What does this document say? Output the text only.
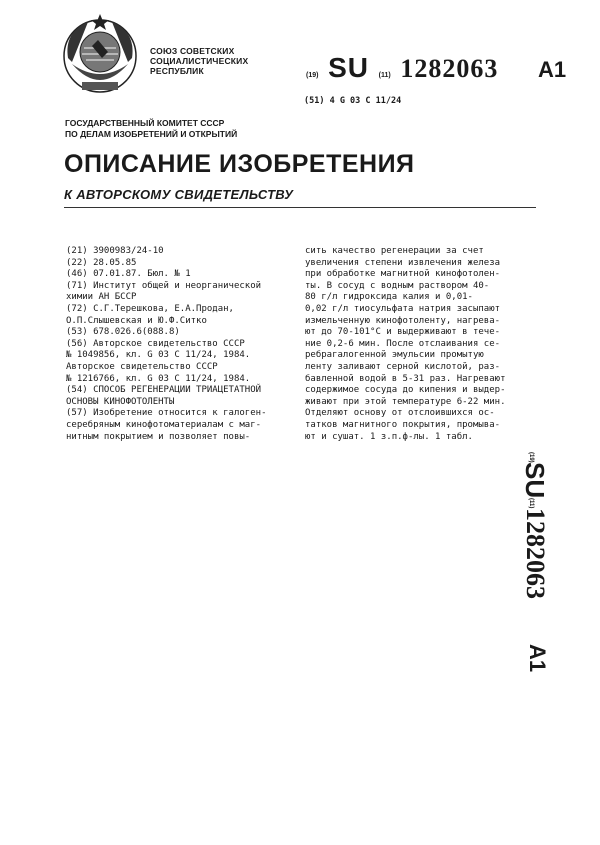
СОЮЗ СОВЕТСКИХ
СОЦИАЛИСТИЧЕСКИХ
РЕСПУБЛИК	(19) SU (11) 1282063 A1
(51) 4 G 03 C 11/24
ГОСУДАРСТВЕННЫЙ КОМИТЕТ СССР
ПО ДЕЛАМ ИЗОБРЕТЕНИЙ И ОТКРЫТИЙ
ОПИСАНИЕ ИЗОБРЕТЕНИЯ
К АВТОРСКОМУ СВИДЕТЕЛЬСТВУ
(21) 3900983/24-10
(22) 28.05.85
(46) 07.01.87. Бюл. № 1
(71) Институт общей и неорганической
химии АН БССР
(72) С.Г.Терешкова, Е.А.Продан,
О.П.Слышевская и Ю.Ф.Ситко
(53) 678.026.6(088.8)
(56) Авторское свидетельство СССР
№ 1049856, кл. G 03 C 11/24, 1984.
Авторское свидетельство СССР
№ 1216766, кл. G 03 C 11/24, 1984.
(54) СПОСОБ РЕГЕНЕРАЦИИ ТРИАЦЕТАТНОЙ
ОСНОВЫ КИНОФОТОЛЕНТЫ
(57) Изобретение относится к галоген-
серебряным кинофотоматериалам с маг-
нитным покрытием и позволяет повы-
сить качество регенерации за счет
увеличения степени извлечения железа
при обработке магнитной кинофотолен-
ты. В сосуд с водным раствором 40-
80 г/л гидроксида калия и 0,01-
0,02 г/л тиосульфата натрия засыпают
измельченную кинофотоленту, нагрева-
ют до 70-101°С и выдерживают в тече-
ние 0,2-6 мин. После отслаивания се-
ребрагалогенной эмульсии промытую
ленту заливают серной кислотой, раз-
бавленной водой в 5-31 раз. Нагревают
содержимое сосуда до кипения и выдер-
живают при этой температуре 6-22 мин.
Отделяют основу от отслоившихся ос-
татков магнитного покрытия, промыва-
ют и сушат. 1 з.п.ф-лы. 1 табл.
(19)
SU
(11)
1282063
A1
